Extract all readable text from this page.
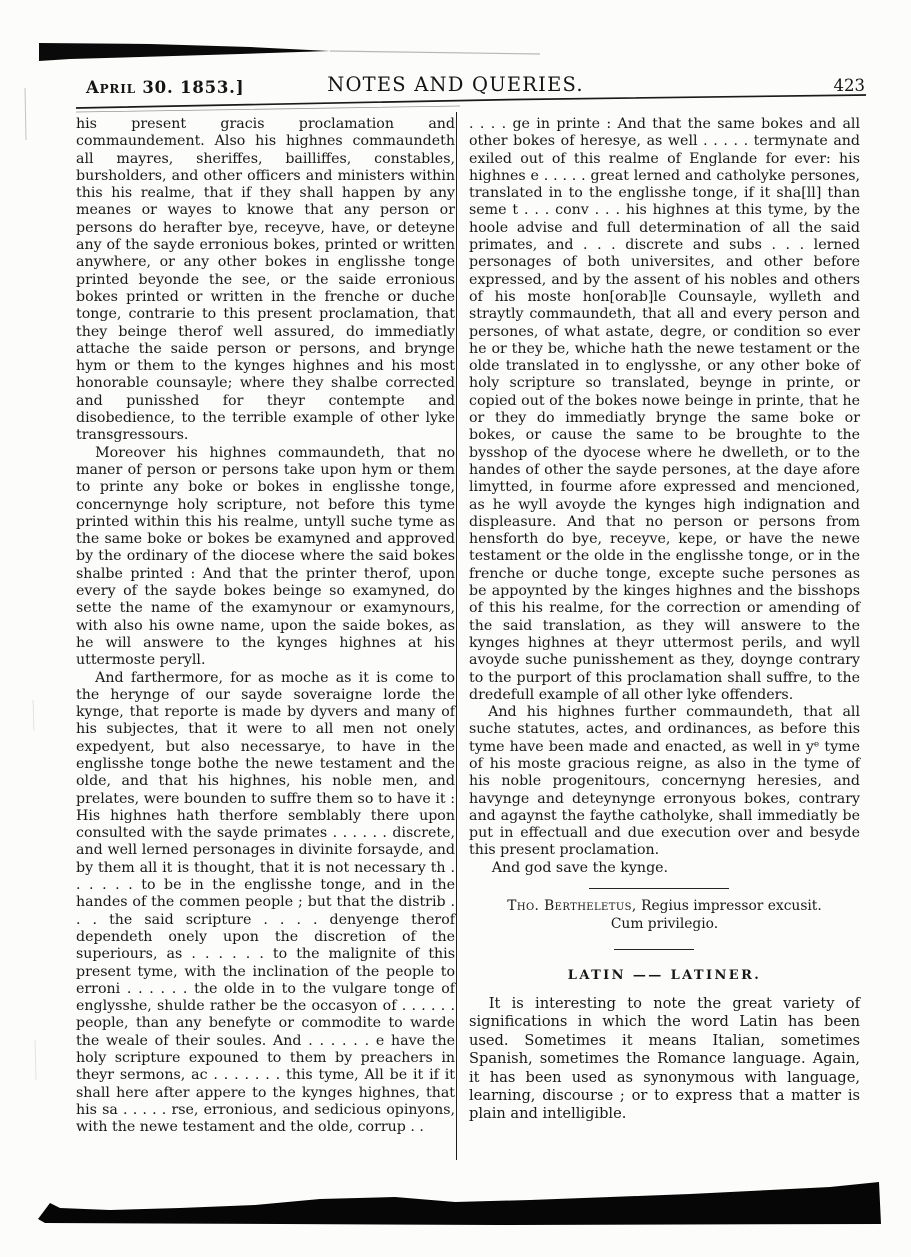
April 30. 1853.]	NOTES AND QUERIES.	423

his present gracis proclamation and commaundement. Also his highnes commaundeth all mayres, sheriffes, bailliffes, constables, bursholders, and other officers and ministers within this his realme, that if they shall happen by any meanes or wayes to knowe that any person or persons do herafter bye, receyve, have, or deteyne any of the sayde erronious bokes, printed or written anywhere, or any other bokes in englisshe tonge printed beyonde the see, or the saide erronious bokes printed or written in the frenche or duche tonge, contrarie to this present proclamation, that they beinge therof well assured, do immediatly attache the saide person or persons, and brynge hym or them to the kynges highnes and his most honorable counsayle; where they shalbe corrected and punisshed for theyr contempte and disobedience, to the terrible example of other lyke transgressours.

Moreover his highnes commaundeth, that no maner of person or persons take upon hym or them to printe any boke or bokes in englisshe tonge, concernynge holy scripture, not before this tyme printed within this his realme, untyll suche tyme as the same boke or bokes be examyned and approved by the ordinary of the diocese where the said bokes shalbe printed : And that the printer therof, upon every of the sayde bokes beinge so examyned, do sette the name of the examynour or examynours, with also his owne name, upon the saide bokes, as he will answere to the kynges highnes at his uttermoste peryll.

And farthermore, for as moche as it is come to the herynge of our sayde soveraigne lorde the kynge, that reporte is made by dyvers and many of his subjectes, that it were to all men not onely expedyent, but also necessarye, to have in the englisshe tonge bothe the newe testament and the olde, and that his highnes, his noble men, and prelates, were bounden to suffre them so to have it : His highnes hath therfore semblably there upon consulted with the sayde primates . . . . . . discrete, and well lerned personages in divinite forsayde, and by them all it is thought, that it is not necessary th . . . . . . to be in the englisshe tonge, and in the handes of the commen people ; but that the distrib . . . the said scripture . . . . denyenge therof dependeth onely upon the discretion of the superiours, as . . . . . . to the malignite of this present tyme, with the inclination of the people to erroni . . . . . . the olde in to the vulgare tonge of englysshe, shulde rather be the occasyon of . . . . . . people, than any benefyte or commodite to warde the weale of their soules. And . . . . . . e have the holy scripture expouned to them by preachers in theyr sermons, ac . . . . . . . this tyme, All be it if it shall here after appere to the kynges highnes, that his sa . . . . . rse, erronious, and sedicious opinyons, with the newe testament and the olde, corrup . .

. . . . ge in printe : And that the same bokes and all other bokes of heresye, as well . . . . . termynate and exiled out of this realme of Englande for ever: his highnes e . . . . . great lerned and catholyke persones, translated in to the englisshe tonge, if it sha[ll] than seme t . . . conv . . . his highnes at this tyme, by the hoole advise and full determination of all the said primates, and . . . discrete and subs . . . lerned personages of both universites, and other before expressed, and by the assent of his nobles and others of his moste hon[orab]le Counsayle, wylleth and straytly commaundeth, that all and every person and persones, of what astate, degre, or condition so ever he or they be, whiche hath the newe testament or the olde translated in to englysshe, or any other boke of holy scripture so translated, beynge in printe, or copied out of the bokes nowe beinge in printe, that he or they do immediatly brynge the same boke or bokes, or cause the same to be broughte to the bysshop of the dyocese where he dwelleth, or to the handes of other the sayde persones, at the daye afore limytted, in fourme afore expressed and mencioned, as he wyll avoyde the kynges high indignation and displeasure. And that no person or persons from hensforth do bye, receyve, kepe, or have the newe testament or the olde in the englisshe tonge, or in the frenche or duche tonge, excepte suche persones as be appoynted by the kinges highnes and the bisshops of this his realme, for the correction or amending of the said translation, as they will answere to the kynges highnes at theyr uttermost perils, and wyll avoyde suche punisshement as they, doynge contrary to the purport of this proclamation shall suffre, to the dredefull example of all other lyke offenders.

And his highnes further commaundeth, that all suche statutes, actes, and ordinances, as before this tyme have been made and enacted, as well in yᵉ tyme of his moste gracious reigne, as also in the tyme of his noble progenitours, concernyng heresies, and havynge and deteynynge erronyous bokes, contrary and agaynst the faythe catholyke, shall immediatly be put in effectuall and due execution over and besyde this present proclamation.

And god save the kynge.

Tho. Bertheletus, Regius impressor excusit.

Cum privilegio.

LATIN —— LATINER.

It is interesting to note the great variety of significations in which the word Latin has been used. Sometimes it means Italian, sometimes Spanish, sometimes the Romance language. Again, it has been used as synonymous with language, learning, discourse ; or to express that a matter is plain and intelligible.
